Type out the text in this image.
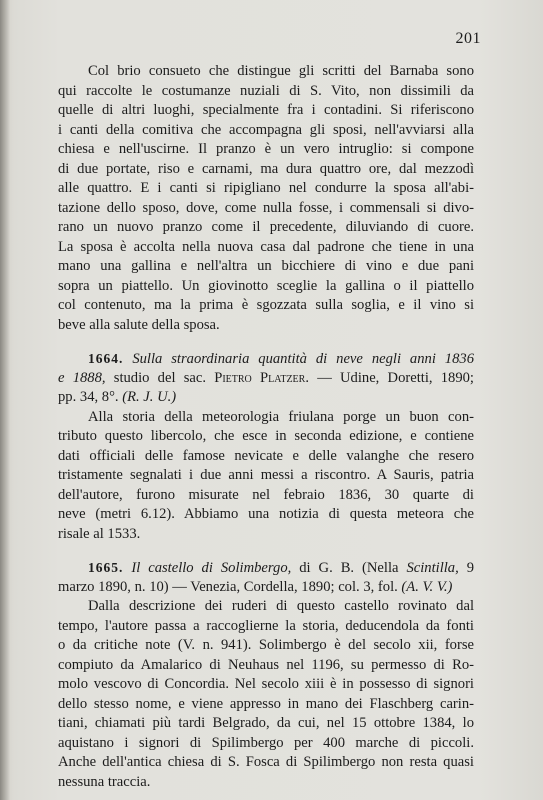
201
Col brio consueto che distingue gli scritti del Barnaba sono
qui raccolte le costumanze nuziali di S. Vito, non dissimili da
quelle di altri luoghi, specialmente fra i contadini. Si riferiscono
i canti della comitiva che accompagna gli sposi, nell'avviarsi alla
chiesa e nell'uscirne. Il pranzo è un vero intruglio: si compone
di due portate, riso e carnami, ma dura quattro ore, dal mezzodì
alle quattro. E i canti si ripigliano nel condurre la sposa all'abi-
tazione dello sposo, dove, come nulla fosse, i commensali si divo-
rano un nuovo pranzo come il precedente, diluviando di cuore.
La sposa è accolta nella nuova casa dal padrone che tiene in una
mano una gallina e nell'altra un bicchiere di vino e due pani
sopra un piattello. Un giovinotto sceglie la gallina o il piattello
col contenuto, ma la prima è sgozzata sulla soglia, e il vino si
beve alla salute della sposa.
1664. Sulla straordinaria quantità di neve negli anni 1836
e 1888, studio del sac. Pietro Platzer. — Udine, Doretti, 1890;
pp. 34, 8°. (R. J. U.)
Alla storia della meteorologia friulana porge un buon con-
tributo questo libercolo, che esce in seconda edizione, e contiene
dati officiali delle famose nevicate e delle valanghe che resero
tristamente segnalati i due anni messi a riscontro. A Sauris, patria
dell'autore, furono misurate nel febraio 1836, 30 quarte di
neve (metri 6.12). Abbiamo una notizia di questa meteora che
risale al 1533.
1665. Il castello di Solimbergo, di G. B. (Nella Scintilla, 9
marzo 1890, n. 10) — Venezia, Cordella, 1890; col. 3, fol. (A. V. V.)
Dalla descrizione dei ruderi di questo castello rovinato dal
tempo, l'autore passa a raccoglierne la storia, deducendola da fonti
o da critiche note (V. n. 941). Solimbergo è del secolo xii, forse
compiuto da Amalarico di Neuhaus nel 1196, su permesso di Ro-
molo vescovo di Concordia. Nel secolo xiii è in possesso di signori
dello stesso nome, e viene appresso in mano dei Flaschberg carin-
tiani, chiamati più tardi Belgrado, da cui, nel 15 ottobre 1384, lo
aquistano i signori di Spilimbergo per 400 marche di piccoli.
Anche dell'antica chiesa di S. Fosca di Spilimbergo non resta quasi
nessuna traccia.
